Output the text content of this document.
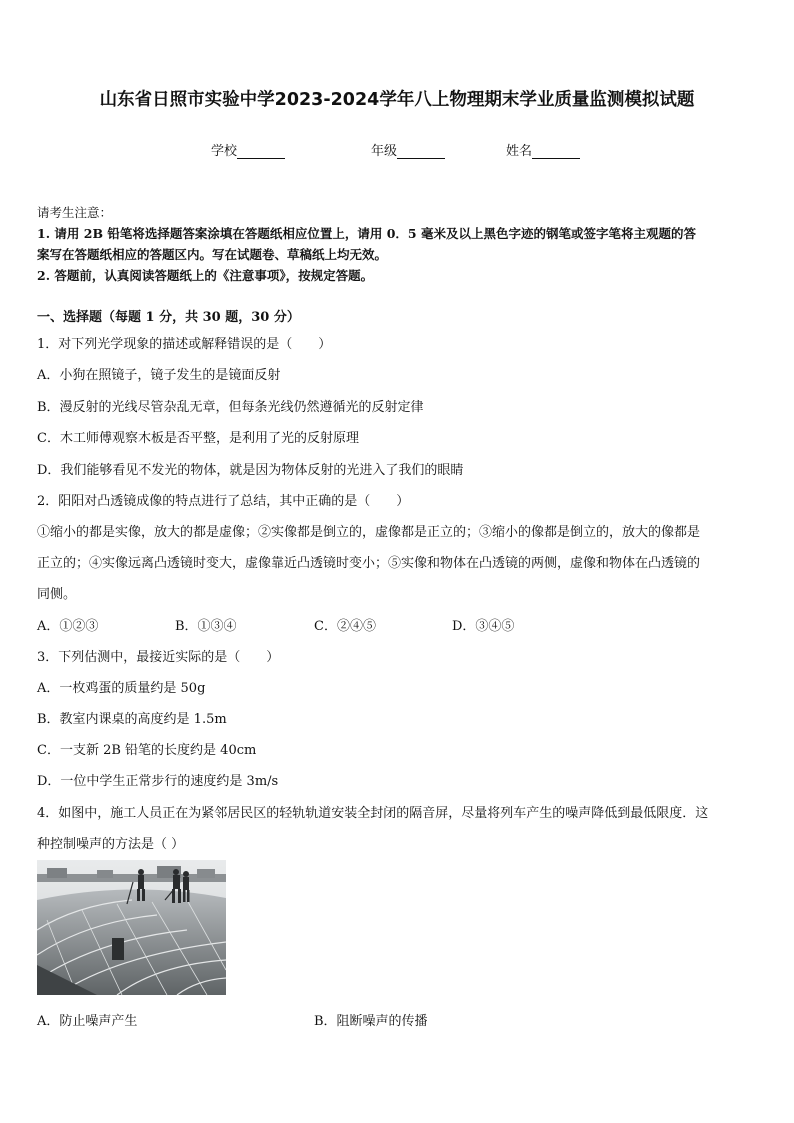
山东省日照市实验中学2023-2024学年八上物理期末学业质量监测模拟试题
学校	年级	姓名
请考生注意：
1. 请用 2B 铅笔将选择题答案涂填在答题纸相应位置上，请用 0．5 毫米及以上黑色字迹的钢笔或签字笔将主观题的答
案写在答题纸相应的答题区内。写在试题卷、草稿纸上均无效。
2. 答题前，认真阅读答题纸上的《注意事项》，按规定答题。
一、选择题（每题 1 分，共 30 题，30 分）
1．对下列光学现象的描述或解释错误的是（　　）
A．小狗在照镜子，镜子发生的是镜面反射
B．漫反射的光线尽管杂乱无章，但每条光线仍然遵循光的反射定律
C．木工师傅观察木板是否平整，是利用了光的反射原理
D．我们能够看见不发光的物体，就是因为物体反射的光进入了我们的眼睛
2．阳阳对凸透镜成像的特点进行了总结，其中正确的是（　　）
①缩小的都是实像，放大的都是虚像；②实像都是倒立的，虚像都是正立的；③缩小的像都是倒立的，放大的像都是
正立的；④实像远离凸透镜时变大，虚像靠近凸透镜时变小；⑤实像和物体在凸透镜的两侧，虚像和物体在凸透镜的
同侧。
A．①②③	B．①③④	C．②④⑤	D．③④⑤
3．下列估测中，最接近实际的是（　　）
A．一枚鸡蛋的质量约是 50g
B．教室内课桌的高度约是 1.5m
C．一支新 2B 铅笔的长度约是 40cm
D．一位中学生正常步行的速度约是 3m/s
4．如图中，施工人员正在为紧邻居民区的轻轨轨道安装全封闭的隔音屏，尽量将列车产生的噪声降低到最低限度．这
种控制噪声的方法是（ ）
A．防止噪声产生	B．阻断噪声的传播
